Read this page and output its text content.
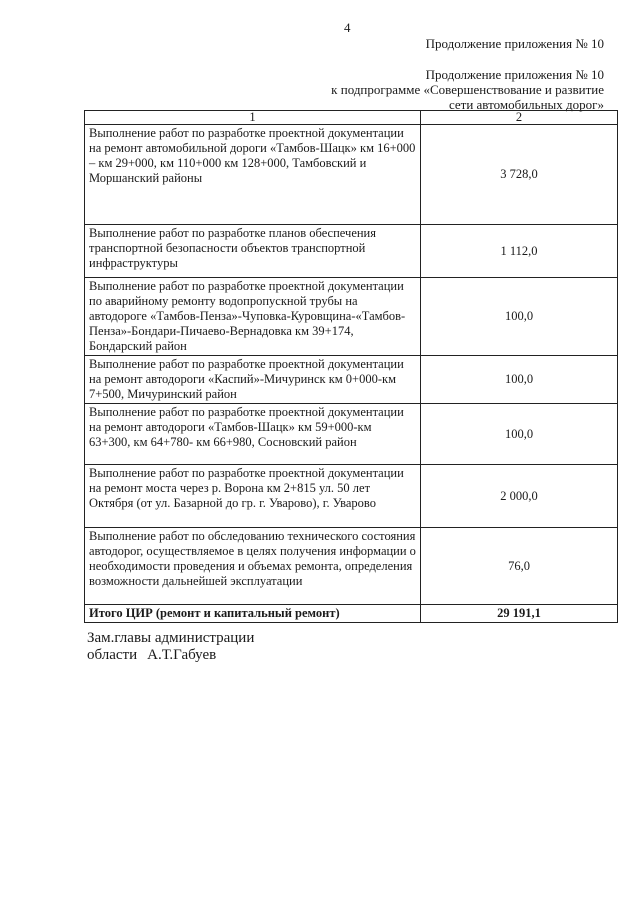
4
Продолжение приложения № 10
Продолжение приложения № 10
к подпрограмме «Совершенствование и развитие
сети автомобильных дорог»
1	2
Выполнение работ по разработке проектной документации на ремонт автомобильной дороги «Тамбов-Шацк» км 16+000 – км 29+000, км 110+000 км 128+000, Тамбовский и Моршанский районы	3 728,0
Выполнение работ по разработке планов обеспечения транспортной безопасности объектов транспортной инфраструктуры	1 112,0
Выполнение работ по разработке проектной документации по аварийному ремонту водопропускной трубы на автодороге «Тамбов-Пенза»-Чуповка-Куровщина-«Тамбов-Пенза»-Бондари-Пичаево-Вернадовка км 39+174, Бондарский район	100,0
Выполнение работ по разработке проектной документации на ремонт автодороги «Каспий»-Мичуринск км 0+000-км 7+500, Мичуринский район	100,0
Выполнение работ по разработке проектной документации на ремонт автодороги «Тамбов-Шацк» км 59+000-км 63+300, км 64+780- км 66+980, Сосновский район	100,0
Выполнение работ по разработке проектной документации на ремонт моста через р. Ворона км 2+815 ул. 50 лет Октября (от ул. Базарной до гр. г. Уварово), г. Уварово	2 000,0
Выполнение работ по обследованию технического состояния автодорог, осуществляемое в целях получения информации о необходимости проведения и объемах ремонта, определения возможности дальнейшей эксплуатации	76,0
Итого ЦИР (ремонт и капитальный ремонт)	29 191,1
Зам.главы администрации
области А.Т.Габуев
